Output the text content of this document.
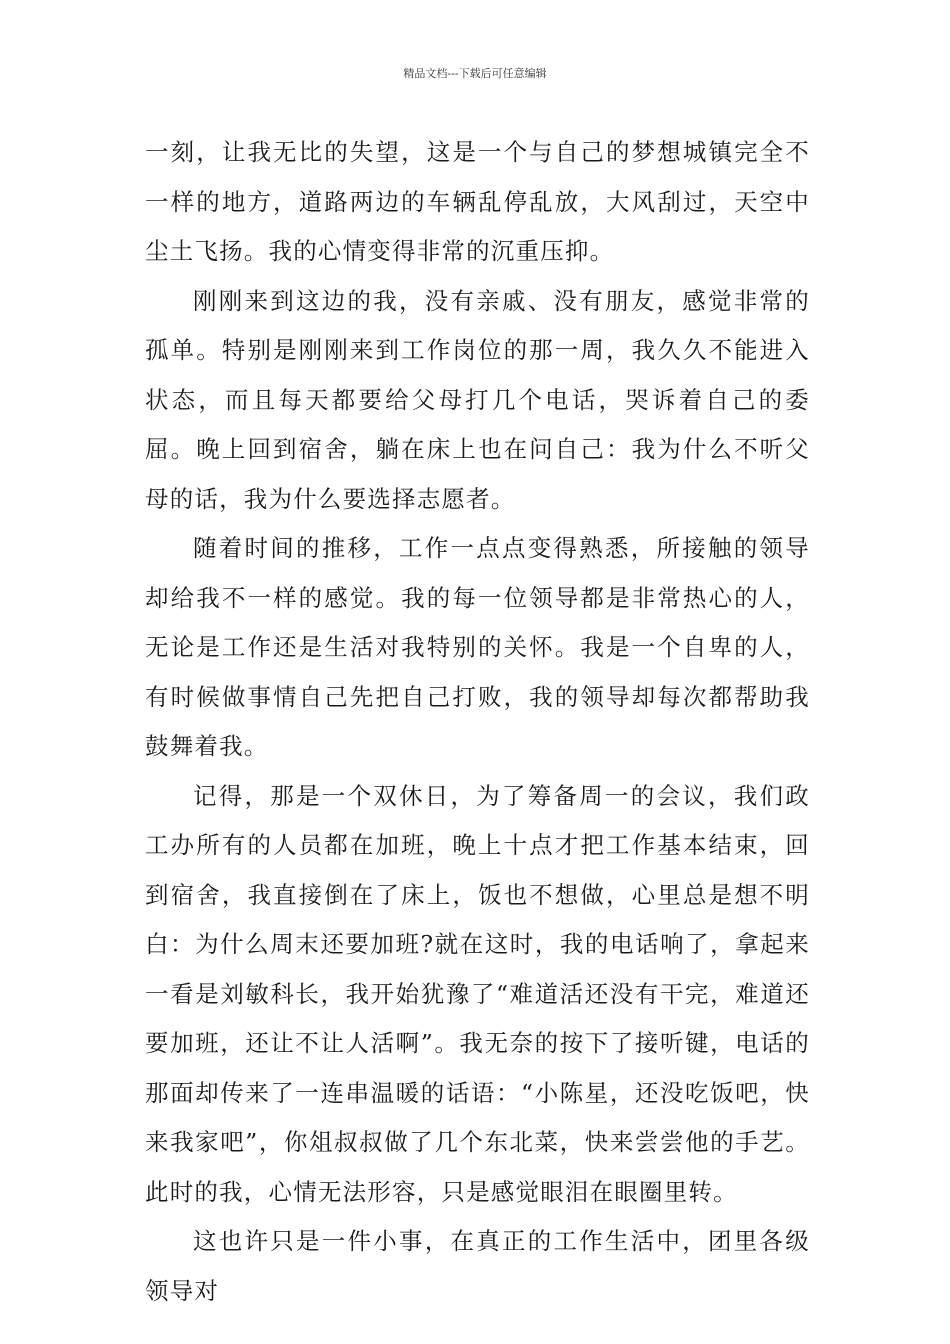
精品文档---下载后可任意编辑

一刻，让我无比的失望，这是一个与自己的梦想城镇完全不一样的地方，道路两边的车辆乱停乱放，大风刮过，天空中尘土飞扬。我的心情变得非常的沉重压抑。

刚刚来到这边的我，没有亲戚、没有朋友，感觉非常的孤单。特别是刚刚来到工作岗位的那一周，我久久不能进入状态，而且每天都要给父母打几个电话，哭诉着自己的委屈。晚上回到宿舍，躺在床上也在问自己：我为什么不听父母的话，我为什么要选择志愿者。

随着时间的推移，工作一点点变得熟悉，所接触的领导却给我不一样的感觉。我的每一位领导都是非常热心的人，无论是工作还是生活对我特别的关怀。我是一个自卑的人，有时候做事情自己先把自己打败，我的领导却每次都帮助我鼓舞着我。

记得，那是一个双休日，为了筹备周一的会议，我们政工办所有的人员都在加班，晚上十点才把工作基本结束，回到宿舍，我直接倒在了床上，饭也不想做，心里总是想不明白：为什么周末还要加班?就在这时，我的电话响了，拿起来一看是刘敏科长，我开始犹豫了“难道活还没有干完，难道还要加班，还让不让人活啊”。我无奈的按下了接听键，电话的那面却传来了一连串温暖的话语：“小陈星，还没吃饭吧，快来我家吧”，你俎叔叔做了几个东北菜，快来尝尝他的手艺。此时的我，心情无法形容，只是感觉眼泪在眼圈里转。

这也许只是一件小事，在真正的工作生活中，团里各级领导对
